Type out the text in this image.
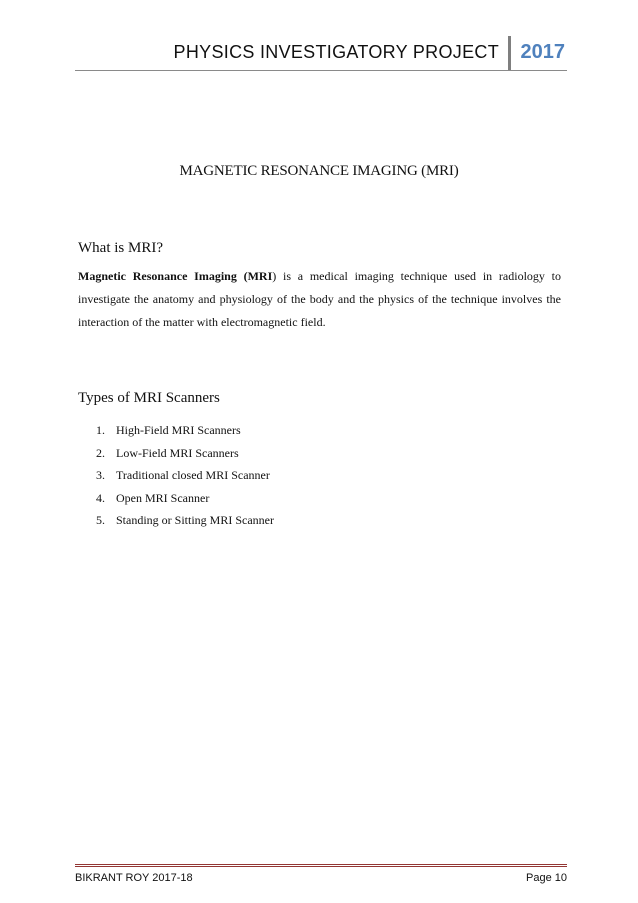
PHYSICS INVESTIGATORY PROJECT 2017
MAGNETIC RESONANCE IMAGING (MRI)
What is MRI?
Magnetic Resonance Imaging (MRI) is a medical imaging technique used in radiology to investigate the anatomy and physiology of the body and the physics of the technique involves the interaction of the matter with electromagnetic field.
Types of MRI Scanners
1. High-Field MRI Scanners
2. Low-Field MRI Scanners
3. Traditional closed MRI Scanner
4. Open MRI Scanner
5. Standing or Sitting MRI Scanner
BIKRANT ROY 2017-18	Page 10
